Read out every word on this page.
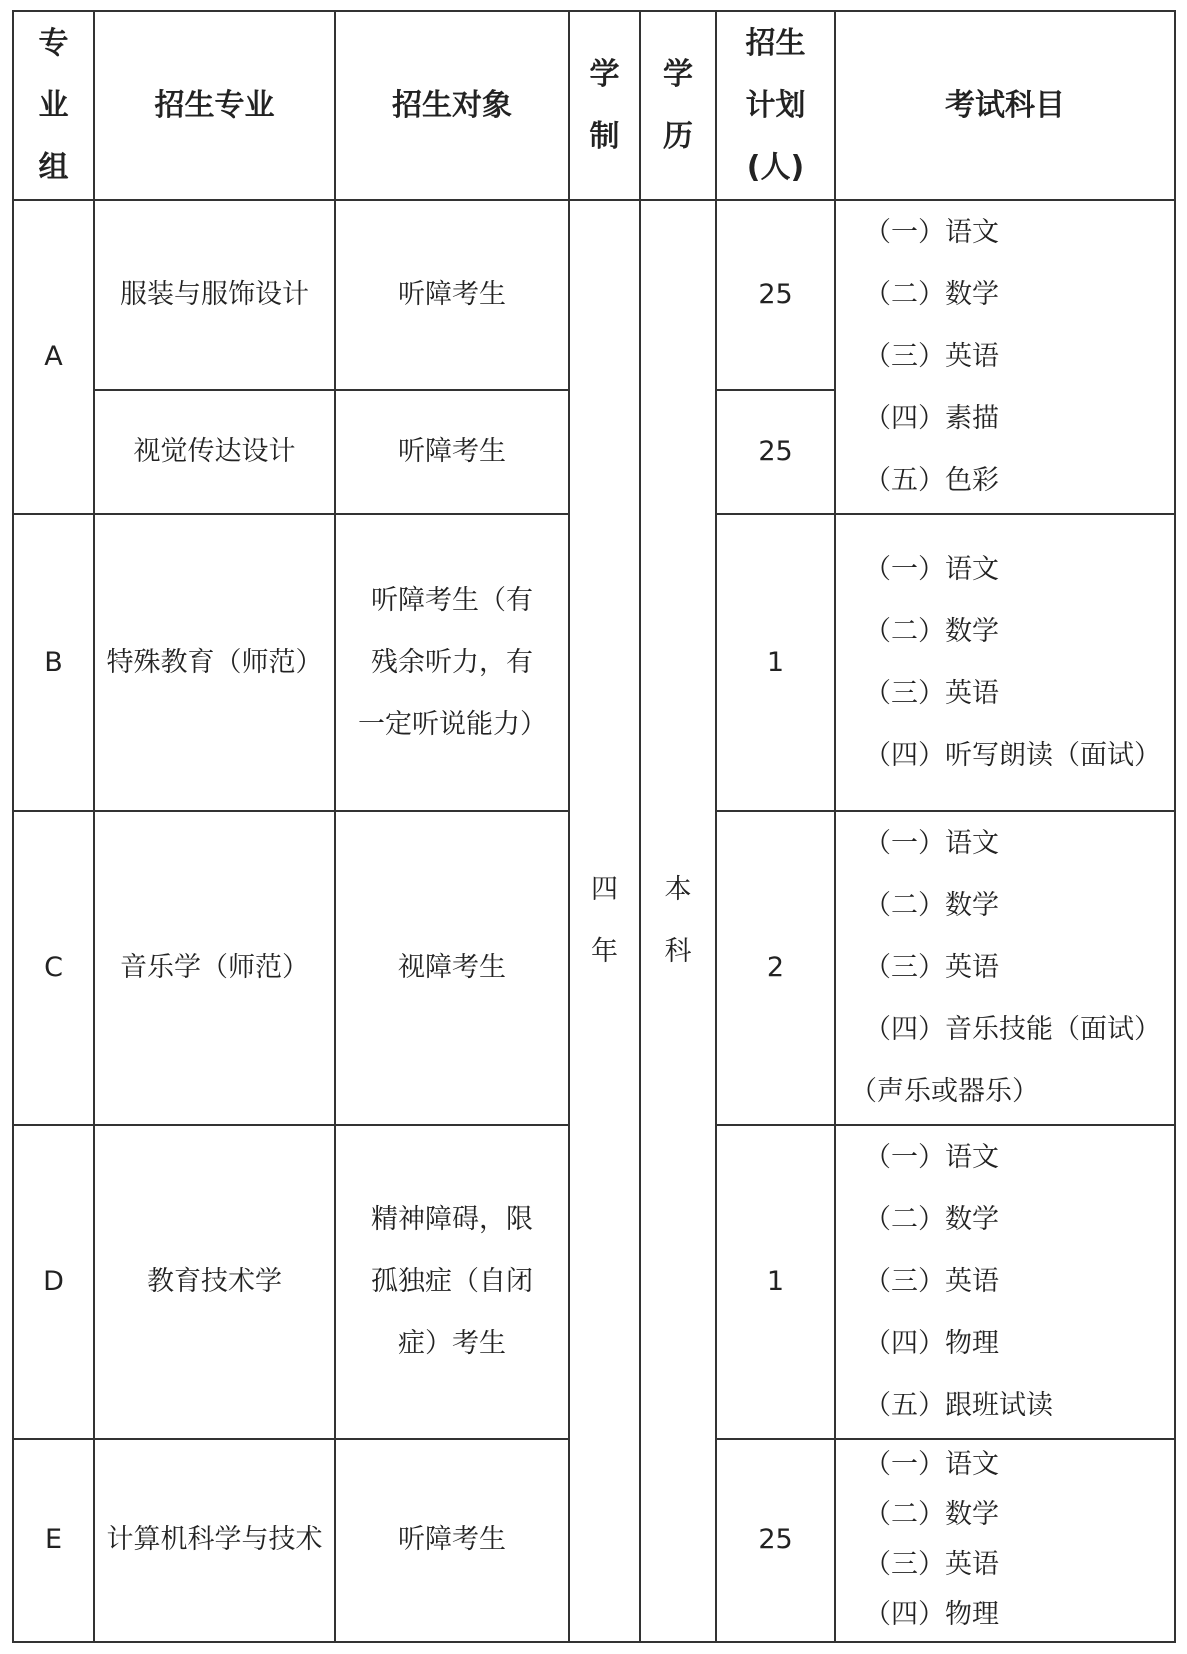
专业组	招生专业	招生对象	学制	学历	招生计划(人)	考试科目
A	服装与服饰设计	听障考生	四年	本科	25	（一）语文
（二）数学
（三）英语
（四）素描
（五）色彩

	视觉传达设计	听障考生			25	
B	特殊教育（师范）	听障考生（有残余听力，有一定听说能力）			1	（一）语文
（二）数学
（三）英语
（四）听写朗读（面试）

C	音乐学（师范）	视障考生			2	（一）语文
（二）数学
（三）英语
（四）音乐技能（面试）（声乐或器乐）

D	教育技术学	精神障碍，限孤独症（自闭症）考生			1	（一）语文
（二）数学
（三）英语
（四）物理
（五）跟班试读

E	计算机科学与技术	听障考生			25	（一）语文
（二）数学
（三）英语
（四）物理
